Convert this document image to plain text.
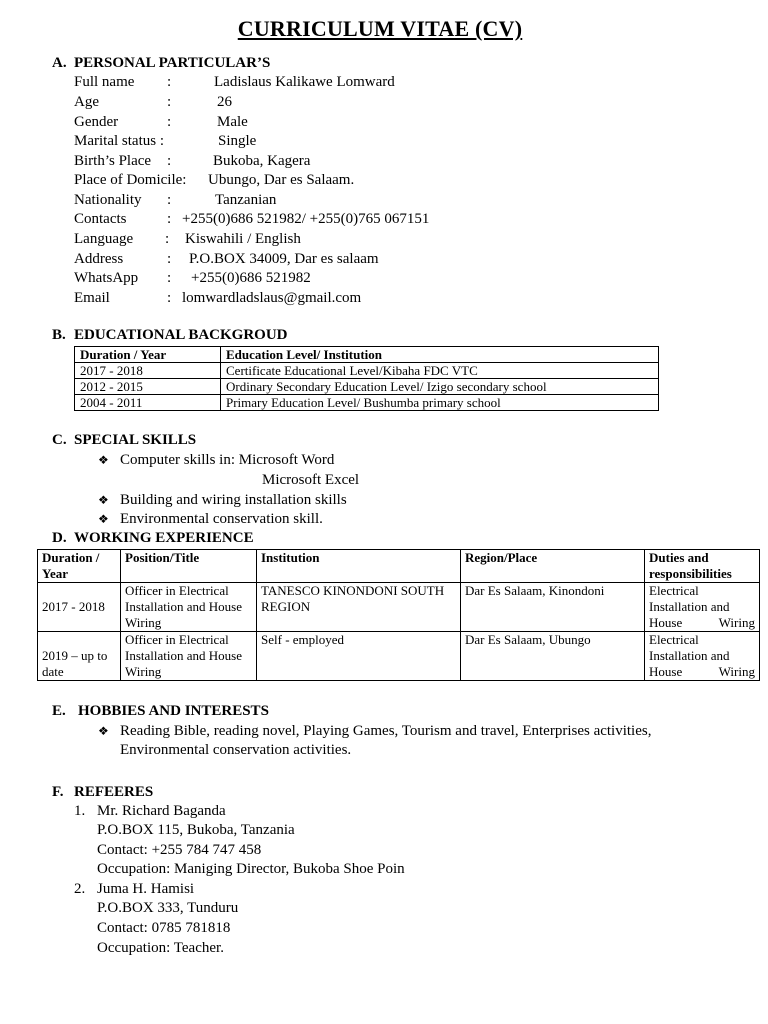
CURRICULUM VITAE (CV)
A. PERSONAL PARTICULAR’S
Full name :	Ladislaus Kalikawe Lomward
Age	:	26
Gender	:	Male
Marital status :	Single
Birth’s Place :	Bukoba, Kagera
Place of Domicile: Ubungo, Dar es Salaam.
Nationality :	Tanzanian
Contacts	: +255(0)686 521982/ +255(0)765 067151
Language : Kiswahili / English
Address	: P.O.BOX 34009, Dar es salaam
WhatsApp : +255(0)686 521982
Email	: lomwardladslaus@gmail.com
B. EDUCATIONAL BACKGROUD
Duration / Year	Education Level/ Institution
2017 - 2018	Certificate Educational Level/Kibaha FDC VTC
2012 - 2015	Ordinary Secondary Education Level/ Izigo secondary school
2004 - 2011	Primary Education Level/ Bushumba primary school
C. SPECIAL SKILLS
❖ Computer skills in: Microsoft Word
Microsoft Excel
❖ Building and wiring installation skills
❖ Environmental conservation skill.
D. WORKING EXPERIENCE
Duration / Year	Position/Title	Institution	Region/Place	Duties and responsibilities
2017 - 2018	Officer in Electrical Installation and House Wiring	TANESCO KINONDONI SOUTH REGION	Dar Es Salaam, Kinondoni	Electrical Installation and House Wiring
2019 – up to date	Officer in Electrical Installation and House Wiring	Self - employed	Dar Es Salaam, Ubungo	Electrical Installation and House Wiring
E. HOBBIES AND INTERESTS
❖ Reading Bible, reading novel, Playing Games, Tourism and travel, Enterprises activities,
Environmental conservation activities.
F. REFEERES
1. Mr. Richard Baganda
P.O.BOX 115, Bukoba, Tanzania
Contact: +255 784 747 458
Occupation: Maniging Director, Bukoba Shoe Poin
2. Juma H. Hamisi
P.O.BOX 333, Tunduru
Contact: 0785 781818
Occupation: Teacher.
